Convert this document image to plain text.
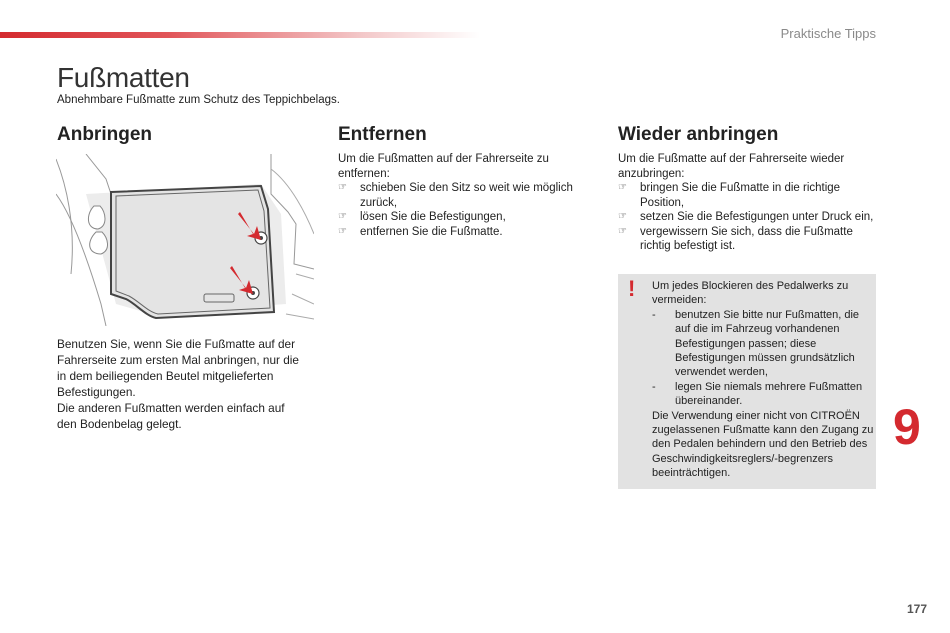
Praktische Tipps
Fußmatten
Abnehmbare Fußmatte zum Schutz des Teppichbelags.
Anbringen

Benutzen Sie, wenn Sie die Fußmatte auf der Fahrerseite zum ersten Mal anbringen, nur die in dem beiliegenden Beutel mitgelieferten Befestigungen.

Die anderen Fußmatten werden einfach auf den Bodenbelag gelegt.

Entfernen

Um die Fußmatten auf der Fahrerseite zu entfernen:

☞ schieben Sie den Sitz so weit wie möglich zurück,
☞ lösen Sie die Befestigungen,
☞ entfernen Sie die Fußmatte.
Wieder anbringen

Um die Fußmatte auf der Fahrerseite wieder anzubringen:

☞ bringen Sie die Fußmatte in die richtige Position,
☞ setzen Sie die Befestigungen unter Druck ein,
☞ vergewissern Sie sich, dass die Fußmatte richtig befestigt ist.
! Um jedes Blockieren des Pedalwerks zu vermeiden:

- benutzen Sie bitte nur Fußmatten, die auf die im Fahrzeug vorhandenen Befestigungen passen; diese Befestigungen müssen grundsätzlich verwendet werden,
- legen Sie niemals mehrere Fußmatten übereinander.

Die Verwendung einer nicht von CITROËN zugelassenen Fußmatte kann den Zugang zu den Pedalen behindern und den Betrieb des Geschwindigkeitsreglers/-begrenzers beeinträchtigen.

9
177
